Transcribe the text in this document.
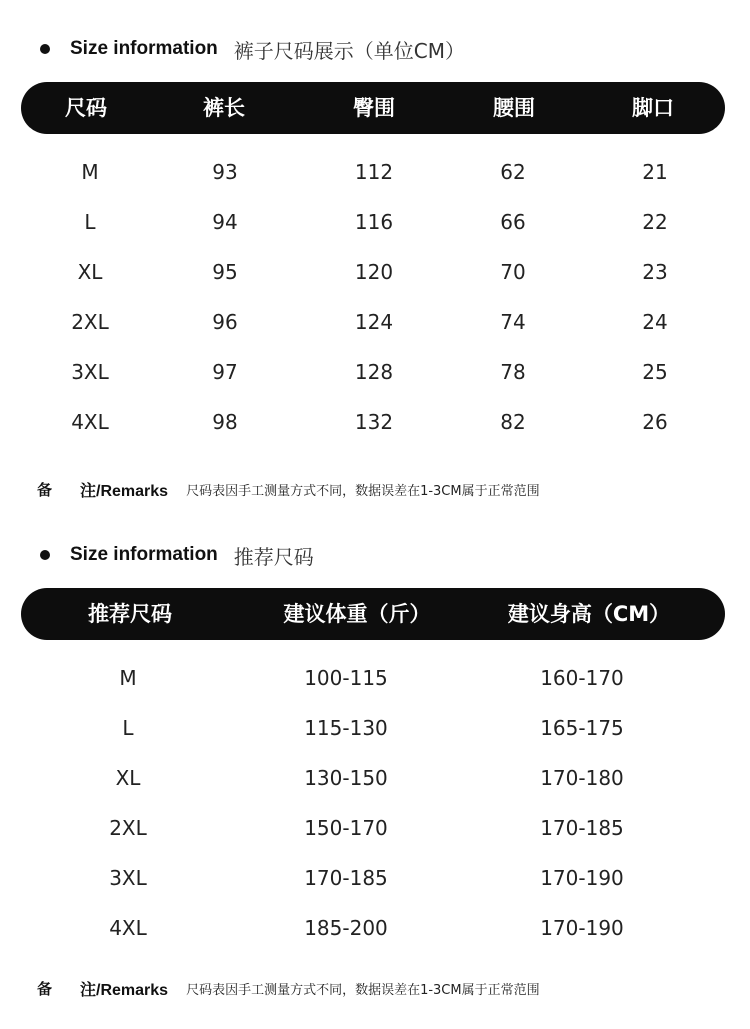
Size information 裤子尺码展示（单位CM）
尺码	裤长	臀围	腰围	脚口
M	93	112	62	21
L	94	116	66	22
XL	95	120	70	23
2XL	96	124	74	24
3XL	97	128	78	25
4XL	98	132	82	26
备 注/Remarks 尺码表因手工测量方式不同，数据误差在1-3CM属于正常范围
Size information 推荐尺码
推荐尺码	建议体重（斤）	建议身高（CM）
M	100-115	160-170
L	115-130	165-175
XL	130-150	170-180
2XL	150-170	170-185
3XL	170-185	170-190
4XL	185-200	170-190
备 注/Remarks 尺码表因手工测量方式不同，数据误差在1-3CM属于正常范围
